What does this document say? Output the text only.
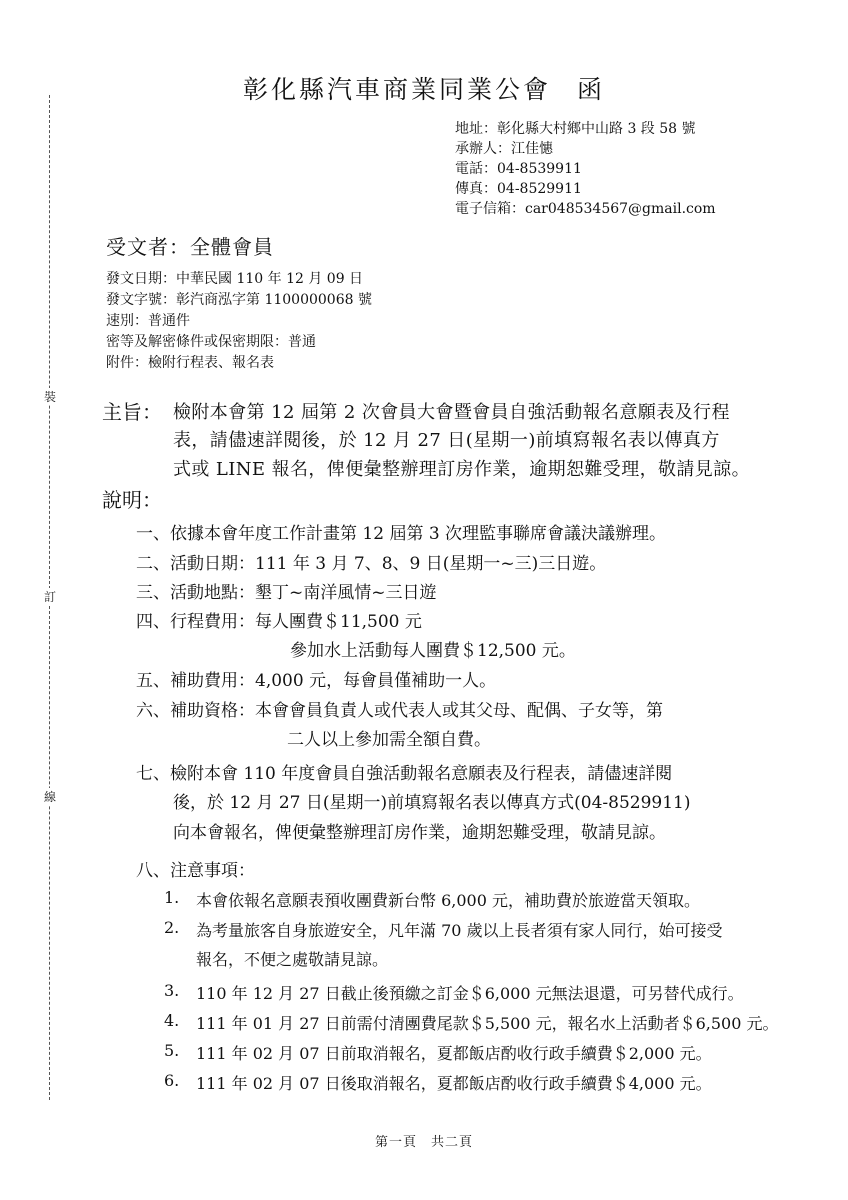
裝
訂
線
彰化縣汽車商業同業公會 函
地址：彰化縣大村鄉中山路 3 段 58 號
承辦人：江佳憓
電話：04-8539911
傳真：04-8529911
電子信箱：car048534567@gmail.com
受文者：全體會員
發文日期：中華民國 110 年 12 月 09 日
發文字號：彰汽商泓字第 1100000068 號
速別：普通件
密等及解密條件或保密期限：普通
附件：檢附行程表、報名表
主旨： 檢附本會第 12 屆第 2 次會員大會暨會員自強活動報名意願表及行程
表，請儘速詳閱後，於 12 月 27 日(星期一)前填寫報名表以傳真方
式或 LINE 報名，俾便彙整辦理訂房作業，逾期恕難受理，敬請見諒。
說明：
一、依據本會年度工作計畫第 12 屆第 3 次理監事聯席會議決議辦理。
二、活動日期：111 年 3 月 7、8、9 日(星期一~三)三日遊。
三、活動地點：墾丁~南洋風情~三日遊
四、行程費用：每人團費＄11,500 元
參加水上活動每人團費＄12,500 元。
五、補助費用：4,000 元，每會員僅補助一人。
六、補助資格：本會會員負責人或代表人或其父母、配偶、子女等，第
二人以上參加需全額自費。
七、檢附本會 110 年度會員自強活動報名意願表及行程表，請儘速詳閱
後，於 12 月 27 日(星期一)前填寫報名表以傳真方式(04-8529911)
向本會報名，俾便彙整辦理訂房作業，逾期恕難受理，敬請見諒。
八、注意事項：
1. 本會依報名意願表預收團費新台幣 6,000 元，補助費於旅遊當天領取。
2. 為考量旅客自身旅遊安全，凡年滿 70 歲以上長者須有家人同行，始可接受
報名，不便之處敬請見諒。
3. 110 年 12 月 27 日截止後預繳之訂金＄6,000 元無法退還，可另替代成行。
4. 111 年 01 月 27 日前需付清團費尾款＄5,500 元，報名水上活動者＄6,500 元。
5. 111 年 02 月 07 日前取消報名，夏都飯店酌收行政手續費＄2,000 元。
6. 111 年 02 月 07 日後取消報名，夏都飯店酌收行政手續費＄4,000 元。
第一頁　共二頁
